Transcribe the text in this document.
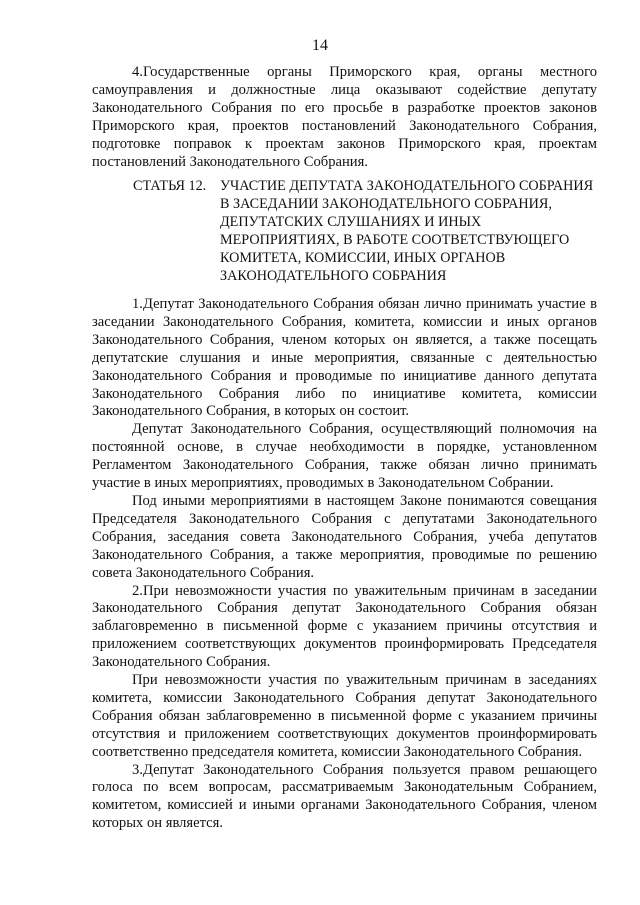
14

4.Государственные органы Приморского края, органы местного самоуправления и должностные лица оказывают содействие депутату Законодательного Собрания по его просьбе в разработке проектов законов Приморского края, проектов постановлений Законодательного Собрания, подготовке поправок к проектам законов Приморского края, проектам постановлений Законодательного Собрания.

СТАТЬЯ 12. УЧАСТИЕ ДЕПУТАТА ЗАКОНОДАТЕЛЬНОГО СОБРАНИЯ В ЗАСЕДАНИИ ЗАКОНОДАТЕЛЬНОГО СОБРАНИЯ, ДЕПУТАТСКИХ СЛУШАНИЯХ И ИНЫХ МЕРОПРИЯТИЯХ, В РАБОТЕ СООТВЕТСТВУЮЩЕГО КОМИТЕТА, КОМИССИИ, ИНЫХ ОРГАНОВ ЗАКОНОДАТЕЛЬНОГО СОБРАНИЯ

1.Депутат Законодательного Собрания обязан лично принимать участие в заседании Законодательного Собрания, комитета, комиссии и иных органов Законодательного Собрания, членом которых он является, а также посещать депутатские слушания и иные мероприятия, связанные с деятельностью Законодательного Собрания и проводимые по инициативе данного депутата Законодательного Собрания либо по инициативе комитета, комиссии Законодательного Собрания, в которых он состоит.

Депутат Законодательного Собрания, осуществляющий полномочия на постоянной основе, в случае необходимости в порядке, установленном Регламентом Законодательного Собрания, также обязан лично принимать участие в иных мероприятиях, проводимых в Законодательном Собрании.

Под иными мероприятиями в настоящем Законе понимаются совещания Председателя Законодательного Собрания с депутатами Законодательного Собрания, заседания совета Законодательного Собрания, учеба депутатов Законодательного Собрания, а также мероприятия, проводимые по решению совета Законодательного Собрания.

2.При невозможности участия по уважительным причинам в заседании Законодательного Собрания депутат Законодательного Собрания обязан заблаговременно в письменной форме с указанием причины отсутствия и приложением соответствующих документов проинформировать Председателя Законодательного Собрания.

При невозможности участия по уважительным причинам в заседаниях комитета, комиссии Законодательного Собрания депутат Законодательного Собрания обязан заблаговременно в письменной форме с указанием причины отсутствия и приложением соответствующих документов проинформировать соответственно председателя комитета, комиссии Законодательного Собрания.

3.Депутат Законодательного Собрания пользуется правом решающего голоса по всем вопросам, рассматриваемым Законодательным Собранием, комитетом, комиссией и иными органами Законодательного Собрания, членом которых он является.
